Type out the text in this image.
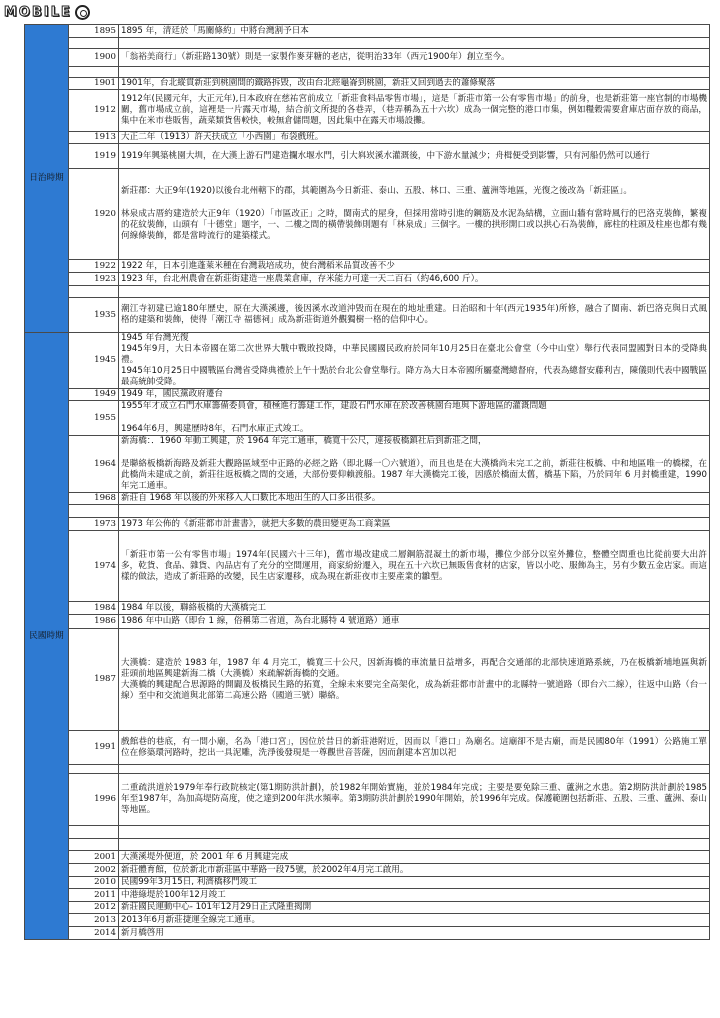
MOBILE
日治時期	1895	1895 年，清廷於「馬關條約」中將台灣割予日本

	1900	「翁裕美商行」（新莊路130號）則是一家製作麥芽糖的老店，從明治33年（西元1900年）創立至今。

	1901	1901年，台北縱貫新莊到桃園間的鐵路拆毀，改由台北經龜崙到桃園，新莊又回到過去的蕭條聚落

	1912	1912年(民國元年，大正元年),日本政府在慈祐宮前成立「新莊食料品零售市場」，這是「新莊市第一公有零售市場」的前身，也是新莊第一座官制的市場機關，舊市場成立前，這裡是一片露天市場，結合前文所提的各巷弄，（巷弄稱為五十六坎）成為一個完整的港口市集，例如糧穀需要倉庫店面存放的商品，集中在米市巷販售，蔬菜類貨售較快，較無倉儲問題，因此集中在露天市場設攤。

	1913	大正二年（1913）許天扶成立「小西園」布袋戲班。

	1919	1919年興築桃園大圳，在大漢上游石門建造攔水堰水門，引大嵙崁溪水灌溉後，中下游水量減少；舟楫便受到影響，只有河船仍然可以通行

	1920	新莊郡：大正9年(1920)以後台北州轄下的郡，其範圍為今日新莊、泰山、五股、林口、三重、蘆洲等地區，光復之後改為「新莊區」。

林泉成古厝約建造於大正9年（1920）「市區改正」之時，閩南式的屋身，但採用當時引進的鋼筋及水泥為結構，立面山牆有當時風行的巴洛克裝飾，繁複的花紋裝飾，山頭有「十德堂」題字，一、二樓之間的橫帶裝飾則題有「林泉成」三個字。一樓的拱形開口或以拱心石為裝飾，廊柱的柱頭及柱座也都有幾何線條裝飾，都是當時流行的建築樣式。

	1922	1922 年，日本引進蓬萊米種在台灣栽培成功，使台灣稻米品質改善不少

	1923	1923 年，台北州農會在新莊街建造一座農業倉庫，存米能力可達一天二百石（約46,600 斤）。

	1935	潮江寺初建已逾180年歷史，原在大漢溪邊，後因溪水改道沖毀而在現在的地址重建。日治昭和十年(西元1935年)所修，融合了閩南、新巴洛克與日式風格的建築和裝飾，使得「潮江寺 福德祠」成為新莊街道外觀獨樹一格的信仰中心。

民國時期	1945	1945 年台灣光復

1945年9月，大日本帝國在第二次世界大戰中戰敗投降，中華民國國民政府於同年10月25日在臺北公會堂（今中山堂）舉行代表同盟國對日本的受降典禮。

1945年10月25日中國戰區台灣省受降典禮於上午十點於台北公會堂舉行。降方為大日本帝國所屬臺灣總督府，代表為總督安藤利吉，陳儀則代表中國戰區最高統帥受降。

	1949	1949 年，國民黨政府遷台

	1955	1955年才成立石門水庫籌備委員會，積極進行籌建工作，建設石門水庫在於改善桃園台地與下游地區的灌溉問題

1964年6月，興建歷時8年，石門水庫正式竣工。

	1964	新海橋：．1960 年動工興建，於 1964 年完工通車，橋寬十公尺，連接板橋鎮社后到新莊之間，

是聯絡板橋新海路及新莊大觀路區域至中正路的必經之路（即北縣一〇六號道），而且也是在大漢橋尚未完工之前，新莊往板橋、中和地區唯一的橋樑，在此橋尚未建成之前，新莊往返板橋之間的交通，大部份要仰賴渡船。1987 年大漢橋完工後，因感於橋面太舊，橋基下陷，乃於同年 6 月封橋重建，1990 年完工通車。

	1968	新莊自 1968 年以後的外來移入人口數比本地出生的人口多出很多。

	1973	1973 年公佈的《新莊都市計畫書》，就把大多數的農田變更為工商業區

	1974	「新莊市第一公有零售市場」1974年(民國六十三年)，舊市場改建成二層鋼筋混凝土的新市場，攤位少部分以室外攤位，整體空間重也比從前要大出許多，乾貨、食品、雜貨、內品店有了充分的空間運用，商家紛紛遷入，現在五十六坎已無販售食材的店家，皆以小吃、服飾為主，另有少數五金店家。而這樣的做法，造成了新莊路的改變，民生店家遷移，成為現在新莊夜市主要產業的雛型。

	1984	1984 年以後，聯絡板橋的大漢橋完工

	1986	1986 年中山路（即台 1 線，俗稱第二省道，為台北縣特 4 號道路）通車

	1987	大漢橋：建造於 1983 年，1987 年 4 月完工，橋寬三十公尺，因新海橋的車流量日益增多，再配合交通部的北部快速道路系統，乃在板橋新埔地區與新莊頭前地區興建新海二橋（大漢橋）來疏解新海橋的交通。

大漢橋的興建配合思源路的開闢及板橋民生路的拓寬，全線未來要完全高架化，成為新莊都市計畫中的北縣特一號道路（即台六二線），往返中山路（台一線）至中和交流道與北部第二高速公路（國道三號）聯絡。

	1991	戲館巷的巷底，有一間小廟，名為「港口宮」，因位於昔日的新莊港附近，因而以「港口」為廟名。這廟卻不是古廟，而是民國80年（1991）公路施工單位在修築環河路時，挖出一具泥雕，洗淨後發現是一尊觀世音菩薩，因而創建本宮加以祀

	1996	二重疏洪道於1979年奉行政院核定(第1期防洪計劃)，於1982年開始實施，並於1984年完成；主要是要免除三重、蘆洲之水患。第2期防洪計劃於1985年至1987年，為加高堤防高度，使之達到200年洪水頻率。第3期防洪計劃於1990年開始，於1996年完成。保護範圍包括新莊、五股、三重、蘆洲、泰山等地區。

	2001	大漢溪堤外便道，於 2001 年 6 月興建完成

	2002	新莊體育館，位於新北市新莊區中華路一段75號，於2002年4月完工啟用。

	2010	民國99年3月15日, 利濟橋移門竣工

	2011	中港綠堤於100年12月竣工

	2012	新莊國民運動中心- 101年12月29日正式隆重揭開

	2013	2013年6月新莊捷運全線完工通車。

	2014	新月橋啓用
